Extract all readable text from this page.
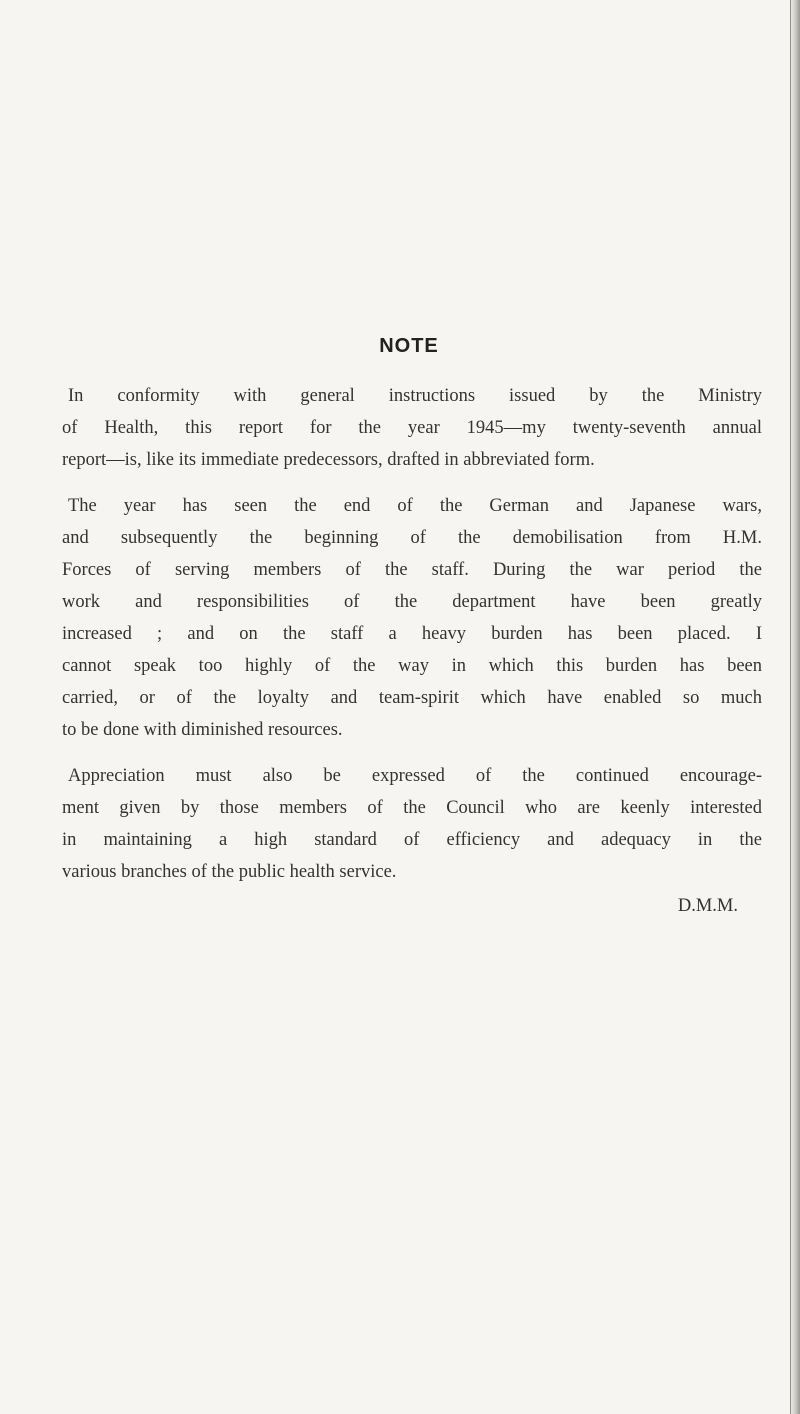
NOTE

In conformity with general instructions issued by the Ministry
of Health, this report for the year 1945—my twenty-seventh annual
report—is, like its immediate predecessors, drafted in abbreviated form.

The year has seen the end of the German and Japanese wars,
and subsequently the beginning of the demobilisation from H.M.
Forces of serving members of the staff. During the war period the
work and responsibilities of the department have been greatly
increased ; and on the staff a heavy burden has been placed. I
cannot speak too highly of the way in which this burden has been
carried, or of the loyalty and team-spirit which have enabled so much
to be done with diminished resources.

Appreciation must also be expressed of the continued encourage-
ment given by those members of the Council who are keenly interested
in maintaining a high standard of efficiency and adequacy in the
various branches of the public health service.

D.M.M.
